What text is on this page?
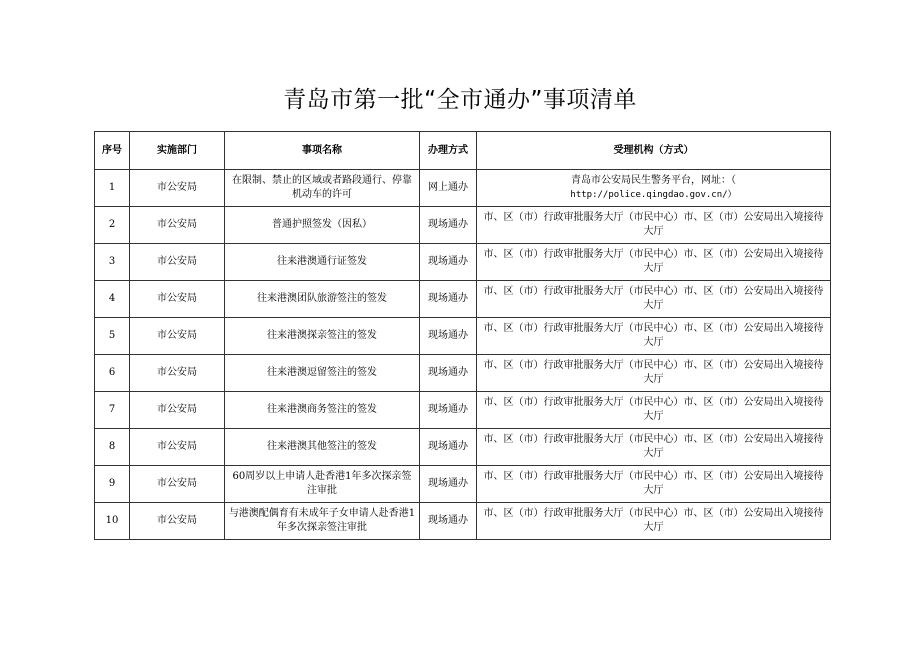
青岛市第一批“全市通办”事项清单
序号	实施部门	事项名称	办理方式	受理机构（方式）
1	市公安局	在限制、禁止的区域或者路段通行、停靠机动车的许可	网上通办	青岛市公安局民生警务平台，网址：（
http://police.qingdao.gov.cn/）
2	市公安局	普通护照签发（因私）	现场通办	市、区（市）行政审批服务大厅（市民中心）市、区（市）公安局出入境接待大厅
3	市公安局	往来港澳通行证签发	现场通办	市、区（市）行政审批服务大厅（市民中心）市、区（市）公安局出入境接待大厅
4	市公安局	往来港澳团队旅游签注的签发	现场通办	市、区（市）行政审批服务大厅（市民中心）市、区（市）公安局出入境接待大厅
5	市公安局	往来港澳探亲签注的签发	现场通办	市、区（市）行政审批服务大厅（市民中心）市、区（市）公安局出入境接待大厅
6	市公安局	往来港澳逗留签注的签发	现场通办	市、区（市）行政审批服务大厅（市民中心）市、区（市）公安局出入境接待大厅
7	市公安局	往来港澳商务签注的签发	现场通办	市、区（市）行政审批服务大厅（市民中心）市、区（市）公安局出入境接待大厅
8	市公安局	往来港澳其他签注的签发	现场通办	市、区（市）行政审批服务大厅（市民中心）市、区（市）公安局出入境接待大厅
9	市公安局	60周岁以上申请人赴香港1年多次探亲签注审批	现场通办	市、区（市）行政审批服务大厅（市民中心）市、区（市）公安局出入境接待大厅
10	市公安局	与港澳配偶育有未成年子女申请人赴香港1年多次探亲签注审批	现场通办	市、区（市）行政审批服务大厅（市民中心）市、区（市）公安局出入境接待大厅
